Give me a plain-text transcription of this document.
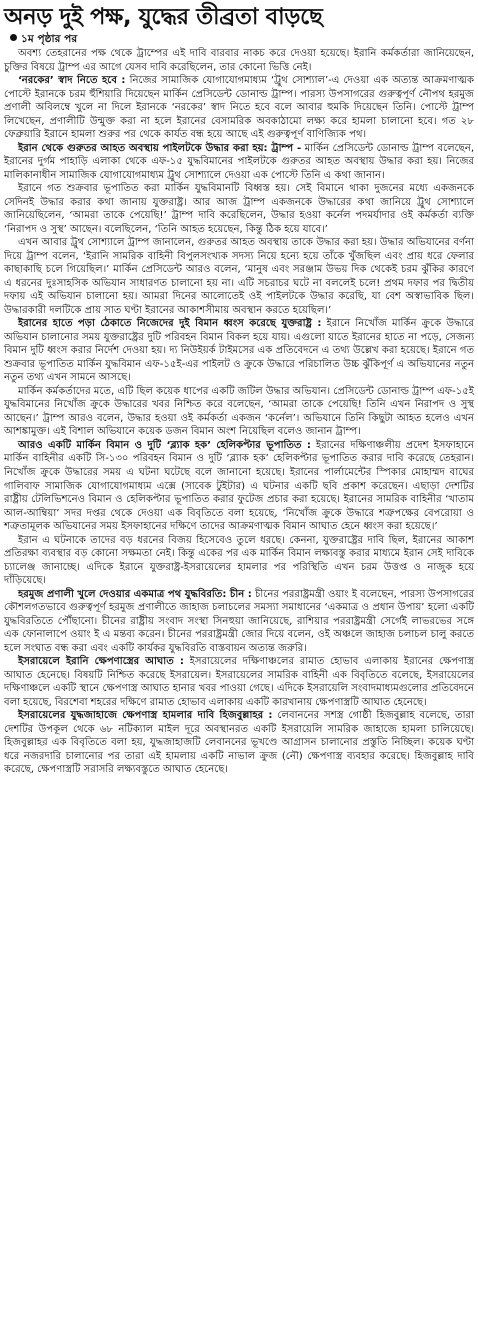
অনড় দুই পক্ষ, যুদ্ধের তীব্রতা বাড়ছে
১ম পৃষ্ঠার পর

অবশ্য তেহরানের পক্ষ থেকে ট্রাম্পের এই দাবি বারবার নাকচ করে দেওয়া হয়েছে। ইরানি কর্মকর্তারা জানিয়েছেন, চুক্তির বিষয়ে ট্রাম্প এর আগে যেসব দাবি করেছিলেন, তার কোনো ভিত্তি নেই।

‘নরকের’ স্বাদ নিতে হবে : নিজের সামাজিক যোগাযোগমাধ্যম ‘ট্রুথ সোশ্যাল’-এ দেওয়া এক অত্যন্ত আক্রমণাত্মক পোস্টে ইরানকে চরম হুঁশিয়ারি দিয়েছেন মার্কিন প্রেসিডেন্ট ডোনাল্ড ট্রাম্প। পারস্য উপসাগরের গুরুত্বপূর্ণ নৌপথ হরমুজ প্রণালী অবিলম্বে খুলে না দিলে ইরানকে ‘নরকের’ স্বাদ নিতে হবে বলে আবার হুমকি দিয়েছেন তিনি। পোস্টে ট্রাম্প লিখেছেন, প্রণালীটি উন্মুক্ত করা না হলে ইরানের বেসামরিক অবকাঠামো লক্ষ্য করে হামলা চালানো হবে। গত ২৮ ফেব্রুয়ারি ইরানে হামলা শুরুর পর থেকে কার্যত বন্ধ হয়ে আছে এই গুরুত্বপূর্ণ বাণিজ্যিক পথ।

ইরান থেকে গুরুতর আহত অবস্থায় পাইলটকে উদ্ধার করা হয়: ট্রাম্প - মার্কিন প্রেসিডেন্ট ডোনাল্ড ট্রাম্প বলেছেন, ইরানের দুর্গম পাহাড়ি এলাকা থেকে এফ-১৫ যুদ্ধবিমানের পাইলটকে গুরুতর আহত অবস্থায় উদ্ধার করা হয়। নিজের মালিকানাধীন সামাজিক যোগাযোগমাধ্যম ট্রুথ সোশ্যালে দেওয়া এক পোস্টে তিনি এ কথা জানান।

ইরানে গত শুক্রবার ভূপাতিত করা মার্কিন যুদ্ধবিমানটি বিধ্বস্ত হয়। সেই বিমানে থাকা দুজনের মধ্যে একজনকে সেদিনই উদ্ধার করার কথা জানায় যুক্তরাষ্ট্র। আর আজ ট্রাম্প একজনকে উদ্ধারের কথা জানিয়ে ট্রুথ সোশ্যালে জানিয়েছিলেন, ‘আমরা তাকে পেয়েছি!’ ট্রাম্প দাবি করেছিলেন, উদ্ধার হওয়া কর্নেল পদমর্যাদার ওই কর্মকর্তা ব্যক্তি ‘নিরাপদ ও সুস্থ’ আছেন। বলেছিলেন, ‘তিনি আহত হয়েছেন, কিন্তু ঠিক হয়ে যাবে।’

এখন আবার ট্রুথ সোশ্যালে ট্রাম্প জানালেন, গুরুতর আহত অবস্থায় তাকে উদ্ধার করা হয়। উদ্ধার অভিযানের বর্ণনা দিয়ে ট্রাম্প বলেন, ‘ইরানি সামরিক বাহিনী বিপুলসংখ্যক সদস্য নিয়ে হন্যে হয়ে তাঁকে খুঁজছিল এবং প্রায় ধরে ফেলার কাছাকাছি চলে গিয়েছিল।’ মার্কিন প্রেসিডেন্ট আরও বলেন, ‘মানুষ এবং সরঞ্জাম উভয় দিক থেকেই চরম ঝুঁকির কারণে এ ধরনের দুঃসাহসিক অভিযান সাধারণত চালানো হয় না। এটি সচরাচর ঘটে না বললেই চলে! প্রথম দফার পর দ্বিতীয় দফায় এই অভিযান চালানো হয়। আমরা দিনের আলোতেই ওই পাইলটকে উদ্ধার করেছি, যা বেশ অস্বাভাবিক ছিল। উদ্ধারকারী দলটিকে প্রায় সাত ঘণ্টা ইরানের আকাশসীমায় অবস্থান করতে হয়েছিল।’

ইরানের হাতে পড়া ঠেকাতে নিজেদের দুই বিমান ধ্বংস করেছে যুক্তরাষ্ট্র : ইরানে নিখোঁজ মার্কিন ক্রুকে উদ্ধারে অভিযান চালানোর সময় যুক্তরাষ্ট্রের দুটি পরিবহন বিমান বিকল হয়ে যায়। এগুলো যাতে ইরানের হাতে না পড়ে, সেজন্য বিমান দুটি ধ্বংস করার নির্দেশ দেওয়া হয়। দ্য নিউইয়র্ক টাইমসের এক প্রতিবেদনে এ তথ্য উল্লেখ করা হয়েছে। ইরানে গত শুক্রবার ভূপাতিত মার্কিন যুদ্ধবিমান এফ-১৫ই-এর পাইলট ও ক্রুকে উদ্ধারে পরিচালিত উচ্চ ঝুঁকিপূর্ণ এ অভিযানের নতুন নতুন তথ্য এখন সামনে আসছে।

মার্কিন কর্মকর্তাদের মতে, এটি ছিল কয়েক ধাপের একটি জটিল উদ্ধার অভিযান। প্রেসিডেন্ট ডোনাল্ড ট্রাম্প এফ-১৫ই যুদ্ধবিমানের নিখোঁজ ক্রুকে উদ্ধারের খবর নিশ্চিত করে বলেছেন, ‘আমরা তাকে পেয়েছি! তিনি এখন নিরাপদ ও সুস্থ আছেন।’ ট্রাম্প আরও বলেন, উদ্ধার হওয়া ওই কর্মকর্তা একজন ‘কর্নেল’। অভিযানে তিনি কিছুটা আহত হলেও এখন আশঙ্কামুক্ত। এই বিশাল অভিযানে কয়েক ডজন বিমান অংশ নিয়েছিল বলেও জানান ট্রাম্প।

আরও একটি মার্কিন বিমান ও দুটি ‘ব্ল্যাক হক’ হেলিকপ্টার ভূপাতিত : ইরানের দক্ষিণাঞ্চলীয় প্রদেশ ইসফাহানে মার্কিন বাহিনীর একটি সি-১৩০ পরিবহন বিমান ও দুটি ‘ব্ল্যাক হক’ হেলিকপ্টার ভূপাতিত করার দাবি করেছে তেহরান। নিখোঁজ ক্রুকে উদ্ধারের সময় এ ঘটনা ঘটেছে বলে জানানো হয়েছে। ইরানের পার্লামেন্টের স্পিকার মোহাম্মদ বাঘের গালিবাফ সামাজিক যোগাযোগমাধ্যম এক্সে (সাবেক টুইটার) এ ঘটনার একটি ছবি প্রকাশ করেছেন। এছাড়া দেশটির রাষ্ট্রীয় টেলিভিশনেও বিমান ও হেলিকপ্টার ভূপাতিত করার ফুটেজ প্রচার করা হয়েছে। ইরানের সামরিক বাহিনীর ‘খাতাম আল-আম্বিয়া’ সদর দপ্তর থেকে দেওয়া এক বিবৃতিতে বলা হয়েছে, ‘নিখোঁজ ক্রুকে উদ্ধারে শত্রুপক্ষের বেপরোয়া ও শত্রুতামূলক অভিযানের সময় ইসফাহানের দক্ষিণে তাদের আক্রমণাত্মক বিমান আঘাত হেনে ধ্বংস করা হয়েছে।’

ইরান এ ঘটনাকে তাদের বড় ধরনের বিজয় হিসেবেও তুলে ধরছে। কেননা, যুক্তরাষ্ট্রের দাবি ছিল, ইরানের আকাশ প্রতিরক্ষা ব্যবস্থার বড় কোনো সক্ষমতা নেই। কিন্তু একের পর এক মার্কিন বিমান লক্ষ্যবস্তু করার মাধ্যমে ইরান সেই দাবিকে চ্যালেঞ্জ জানাচ্ছে। এদিকে ইরানে যুক্তরাষ্ট্র-ইসরায়েলের হামলার পর পরিস্থিতি এখন চরম উত্তপ্ত ও নাজুক হয়ে দাঁড়িয়েছে।

হরমুজ প্রণালী খুলে দেওয়ার একমাত্র পথ যুদ্ধবিরতি: চীন : চীনের পররাষ্ট্রমন্ত্রী ওয়াং ই বলেছেন, পারস্য উপসাগরের কৌশলগতভাবে গুরুত্বপূর্ণ হরমুজ প্রণালীতে জাহাজ চলাচলের সমস্যা সমাধানের ‘একমাত্র ও প্রধান উপায়’ হলো একটি যুদ্ধবিরতিতে পৌঁছানো। চীনের রাষ্ট্রীয় সংবাদ সংস্থা সিনহুয়া জানিয়েছে, রাশিয়ার পররাষ্ট্রমন্ত্রী সের্গেই লাভরভের সঙ্গে এক ফোনালাপে ওয়াং ই এ মন্তব্য করেন। চীনের পররাষ্ট্রমন্ত্রী জোর দিয়ে বলেন, ওই অঞ্চলে জাহাজ চলাচল চালু করতে হলে সংঘাত বন্ধ করা এবং একটি কার্যকর যুদ্ধবিরতি বাস্তবায়ন অত্যন্ত জরুরি।

ইসরায়েলে ইরানি ক্ষেপণাস্ত্রের আঘাত : ইসরায়েলের দক্ষিণাঞ্চলের রামাত হোভাব এলাকায় ইরানের ক্ষেপণাস্ত্র আঘাত হেনেছে। বিষয়টি নিশ্চিত করেছে ইসরায়েল। ইসরায়েলের সামরিক বাহিনী এক বিবৃতিতে বলেছে, ইসরায়েলের দক্ষিণাঞ্চলে একটি স্থানে ক্ষেপণাস্ত্র আঘাত হানার খবর পাওয়া গেছে। এদিকে ইসরায়েলি সংবাদমাধ্যমগুলোর প্রতিবেদনে বলা হয়েছে, বিরশেবা শহরের দক্ষিণে রামাত হোভাব এলাকায় একটি কারখানায় ক্ষেপণাস্ত্রটি আঘাত হেনেছে।

ইসরায়েলের যুদ্ধজাহাজে ক্ষেপণাস্ত্র হামলার দাবি হিজবুল্লাহর : লেবাননের সশস্ত্র গোষ্ঠী হিজবুল্লাহ বলেছে, তারা দেশটির উপকূল থেকে ৬৮ নটিক্যাল মাইল দূরে অবস্থানরত একটি ইসরায়েলি সামরিক জাহাজে হামলা চালিয়েছে। হিজবুল্লাহর এক বিবৃতিতে বলা হয়, যুদ্ধজাহাজটি লেবাননের ভূখণ্ডে আগ্রাসন চালানোর প্রস্তুতি নিচ্ছিল। কয়েক ঘণ্টা ধরে নজরদারি চালানোর পর তারা এই হামলায় একটি নাভাল ক্রুজ (নৌ) ক্ষেপণাস্ত্র ব্যবহার করেছে। হিজবুল্লাহ দাবি করেছে, ক্ষেপণাস্ত্রটি সরাসরি লক্ষ্যবস্তুতে আঘাত হেনেছে।
